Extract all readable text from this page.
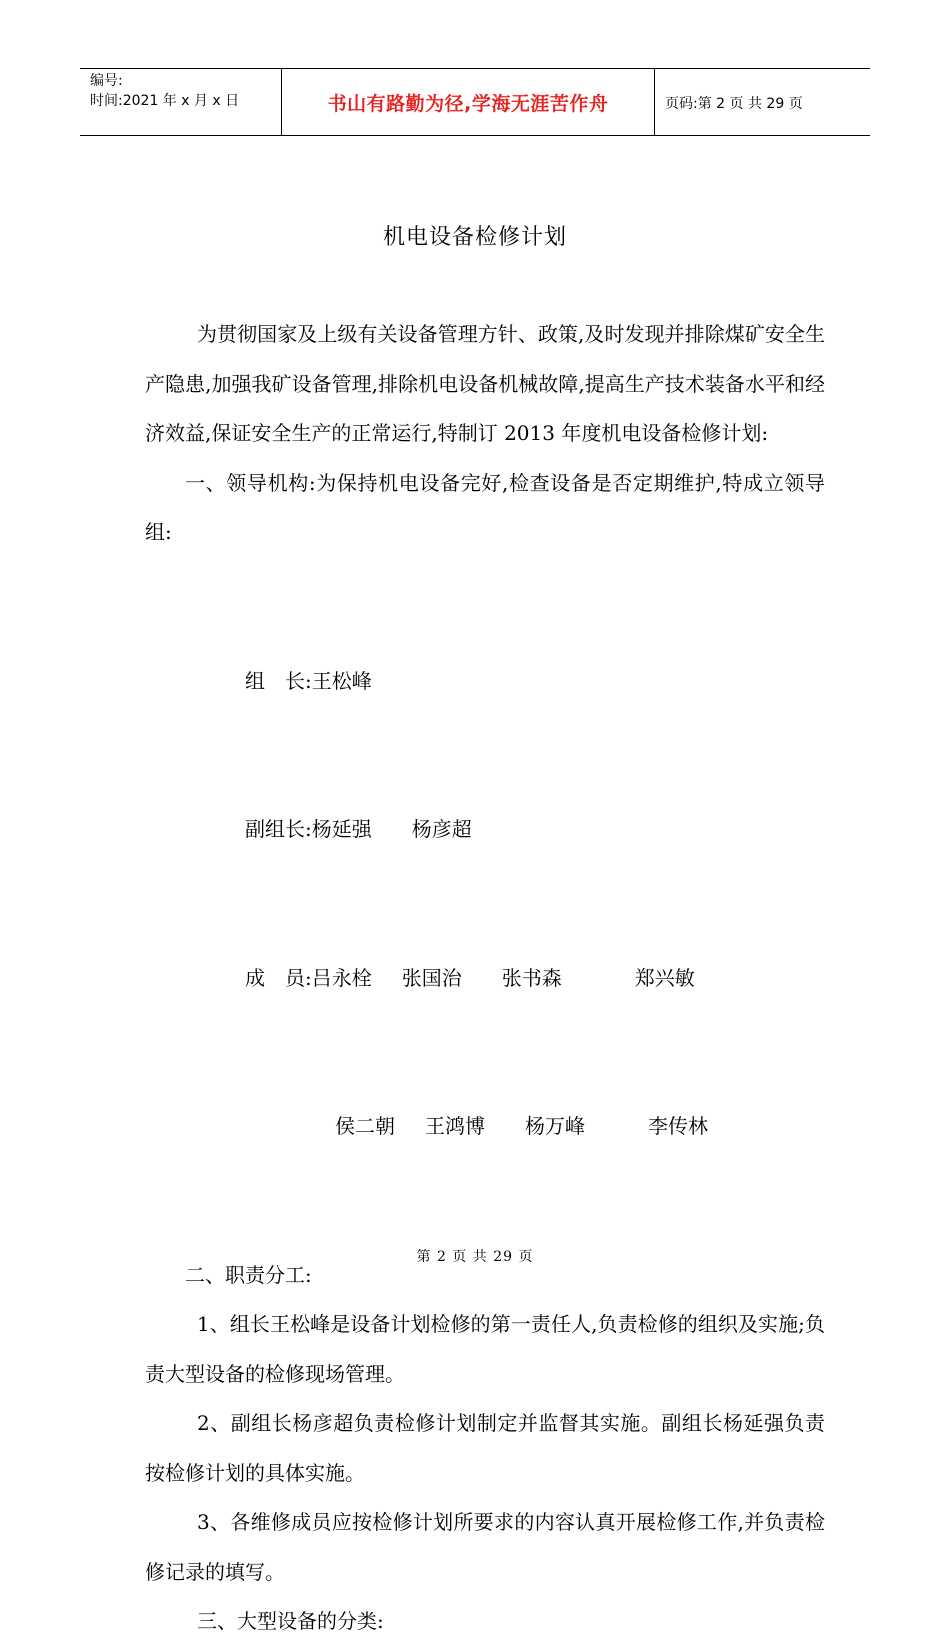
编号:
时间:2021 年 x 月 x 日	书山有路勤为径,学海无涯苦作舟	页码:第 2 页 共 29 页
机电设备检修计划

为贯彻国家及上级有关设备管理方针、政策,及时发现并排除煤矿安全生产隐患,加强我矿设备管理,排除机电设备机械故障,提高生产技术装备水平和经济效益,保证安全生产的正常运行,特制订 2013 年度机电设备检修计划:

一、领导机构:为保持机电设备完好,检查设备是否定期维护,特成立领导组:

组　长:王松峰

副组长:杨延强 杨彦超

成　员:吕永栓 张国治 张书森	郑兴敏

侯二朝 王鸿博 杨万峰	李传林

二、职责分工:

1、组长王松峰是设备计划检修的第一责任人,负责检修的组织及实施;负责大型设备的检修现场管理。

2、副组长杨彦超负责检修计划制定并监督其实施。副组长杨延强负责按检修计划的具体实施。

3、各维修成员应按检修计划所要求的内容认真开展检修工作,并负责检修记录的填写。

三、大型设备的分类:

第 2 页 共 29 页
